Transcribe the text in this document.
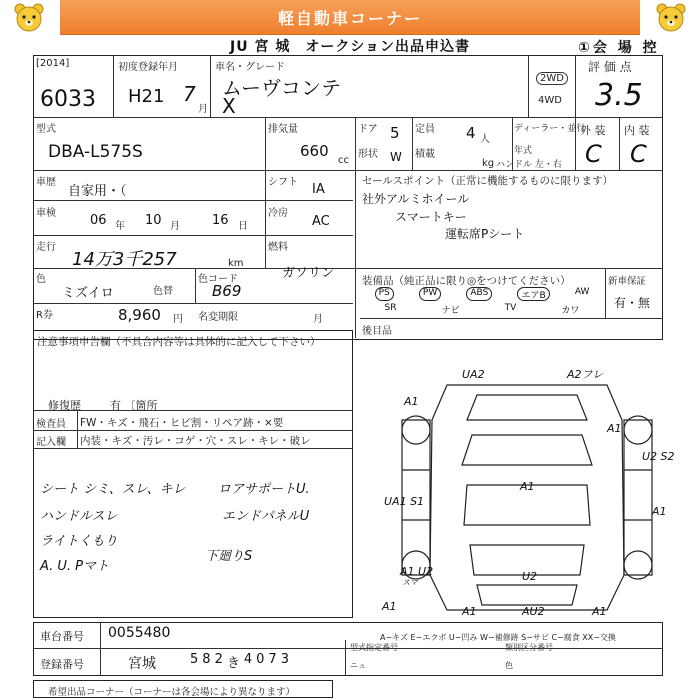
軽自動車コーナー
JU 宮 城　オークション出品申込書	①会 場 控
[2014]
6033
初度登録年月
H21 7
月
車名・グレード
ムーヴコンテ
X
2WD
4WD
評 価 点
3.5
型式
DBA-L575S
排気量
660
cc
ドア 5
形状 W
定員 4 人
積載
kg
ディーラー・並行
年式
ハンドル 左・右
外 装 内 装
C C
車歴
自家用・（
シフト IA
セールスポイント（正常に機能するものに限ります）
社外アルミホイール
スマートキー
運転席Pシート
車検	06 年 10 月 16 日
冷房
AC
走行
14万3千257	km
燃料
ガソリン
色
ミズイロ	色替
色コード
B69
装備品（純正品に限り◎をつけてください）	新車保証
PS	PW	ABS	エアB	AW
SR	ナビ	TV	カワ
有・無
R券	8,960 円 名変期限	月
後目品
注意事項申告欄（不具合内容等は具体的に記入して下さい）
修復歴	有 〔箇所
検査員
記入欄
FW・キズ・飛石・ヒビ割・リペア跡・×要
内装・キズ・汚レ・コゲ・穴・スレ・キレ・破レ
シート シミ、スレ、キレ
ハンドルスレ
ライトくもり
A. U. Pマト
ロアサポートU.
エンドパネルU
下廻りS
UA2	A2フレ
A1
A1
U2 S2
UA1 S1
A1
A1
A1 U2
A1	A1
AU2
A1
スマ	U2
A−キズ E−エクボ U−凹み W−補修跡 S−サビ C−腐食 XX−交換
車台番号 0055480
登録番号	宮城	5 8 2 き 4 0 7 3
型式指定番号
ニュ
類別区分番号
色
希望出品コーナー（コーナーは各会場により異なります）
